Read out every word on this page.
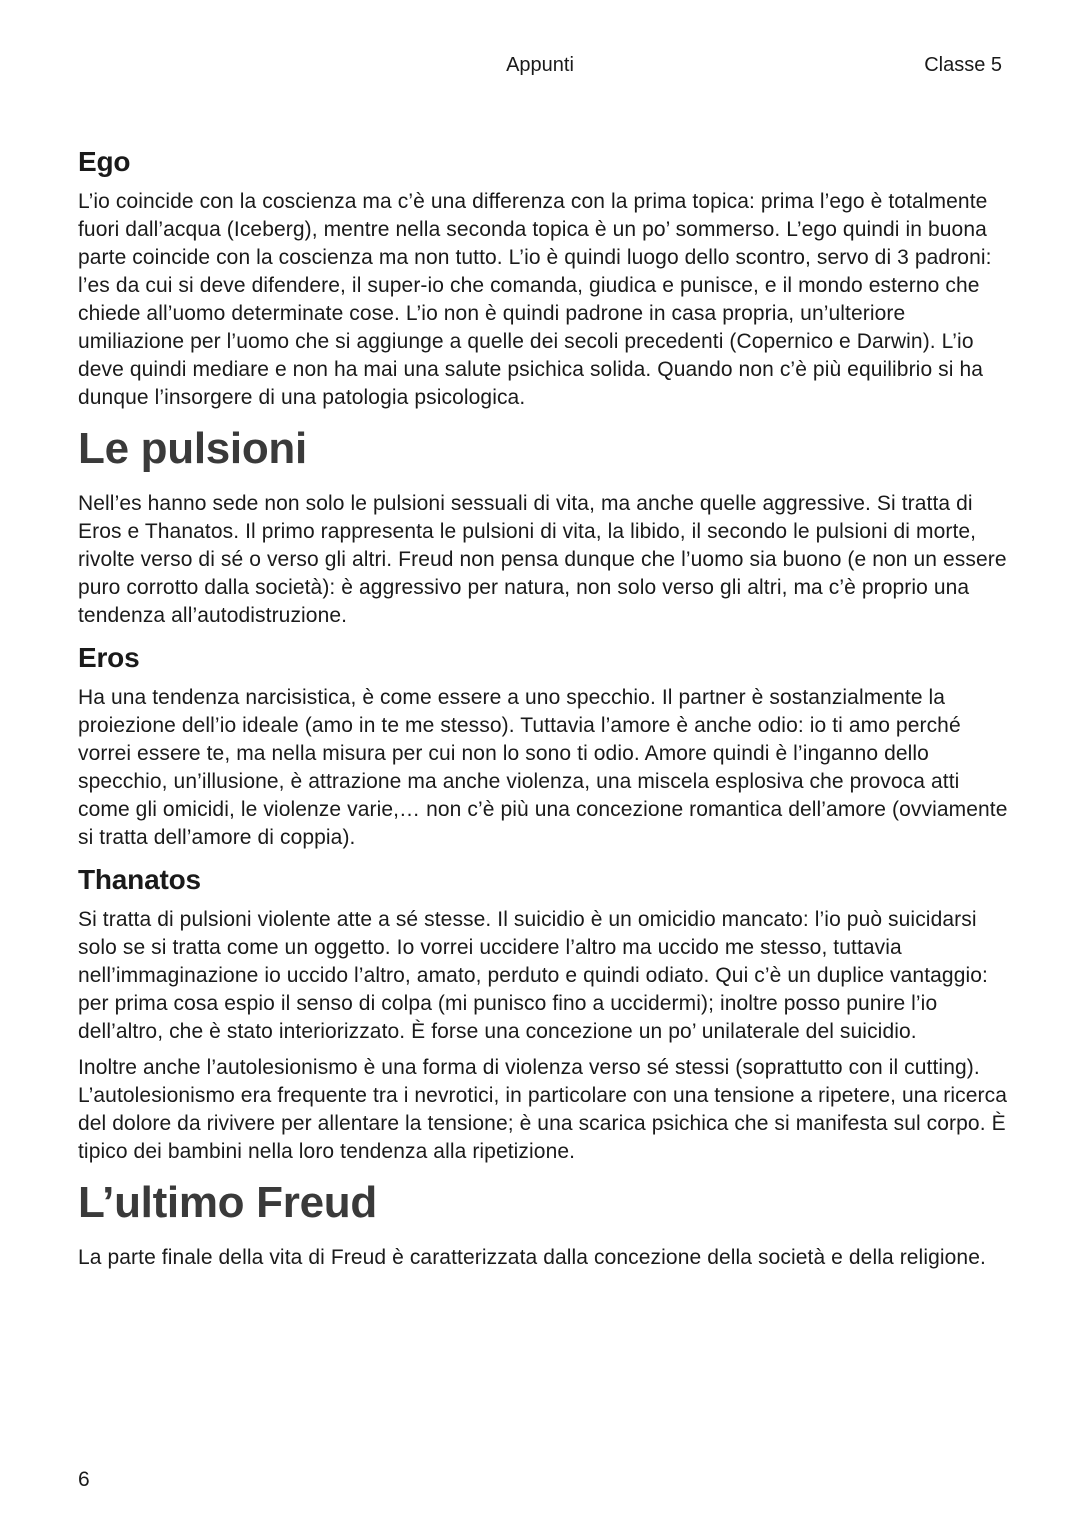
Appunti	Classe 5
Ego

L’io coincide con la coscienza ma c’è una differenza con la prima topica: prima l’ego è totalmente fuori dall’acqua (Iceberg), mentre nella seconda topica è un po’ sommerso. L’ego quindi in buona parte coincide con la coscienza ma non tutto. L’io è quindi luogo dello scontro, servo di 3 padroni: l’es da cui si deve difendere, il super-io che comanda, giudica e punisce, e il mondo esterno che chiede all’uomo determinate cose. L’io non è quindi padrone in casa propria, un’ulteriore umiliazione per l’uomo che si aggiunge a quelle dei secoli precedenti (Copernico e Darwin). L’io deve quindi mediare e non ha mai una salute psichica solida. Quando non c’è più equilibrio si ha dunque l’insorgere di una patologia psicologica.

Le pulsioni

Nell’es hanno sede non solo le pulsioni sessuali di vita, ma anche quelle aggressive. Si tratta di Eros e Thanatos. Il primo rappresenta le pulsioni di vita, la libido, il secondo le pulsioni di morte, rivolte verso di sé o verso gli altri. Freud non pensa dunque che l’uomo sia buono (e non un essere puro corrotto dalla società): è aggressivo per natura, non solo verso gli altri, ma c’è proprio una tendenza all’autodistruzione.

Eros

Ha una tendenza narcisistica, è come essere a uno specchio. Il partner è sostanzialmente la proiezione dell’io ideale (amo in te me stesso). Tuttavia l’amore è anche odio: io ti amo perché vorrei essere te, ma nella misura per cui non lo sono ti odio. Amore quindi è l’inganno dello specchio, un’illusione, è attrazione ma anche violenza, una miscela esplosiva che provoca atti come gli omicidi, le violenze varie,… non c’è più una concezione romantica dell’amore (ovviamente si tratta dell’amore di coppia).

Thanatos

Si tratta di pulsioni violente atte a sé stesse. Il suicidio è un omicidio mancato: l’io può suicidarsi solo se si tratta come un oggetto. Io vorrei uccidere l’altro ma uccido me stesso, tuttavia nell’immaginazione io uccido l’altro, amato, perduto e quindi odiato. Qui c’è un duplice vantaggio: per prima cosa espio il senso di colpa (mi punisco fino a uccidermi); inoltre posso punire l’io dell’altro, che è stato interiorizzato. È forse una concezione un po’ unilaterale del suicidio.

Inoltre anche l’autolesionismo è una forma di violenza verso sé stessi (soprattutto con il cutting). L’autolesionismo era frequente tra i nevrotici, in particolare con una tensione a ripetere, una ricerca del dolore da rivivere per allentare la tensione; è una scarica psichica che si manifesta sul corpo. È tipico dei bambini nella loro tendenza alla ripetizione.

L’ultimo Freud

La parte finale della vita di Freud è caratterizzata dalla concezione della società e della religione.

6
